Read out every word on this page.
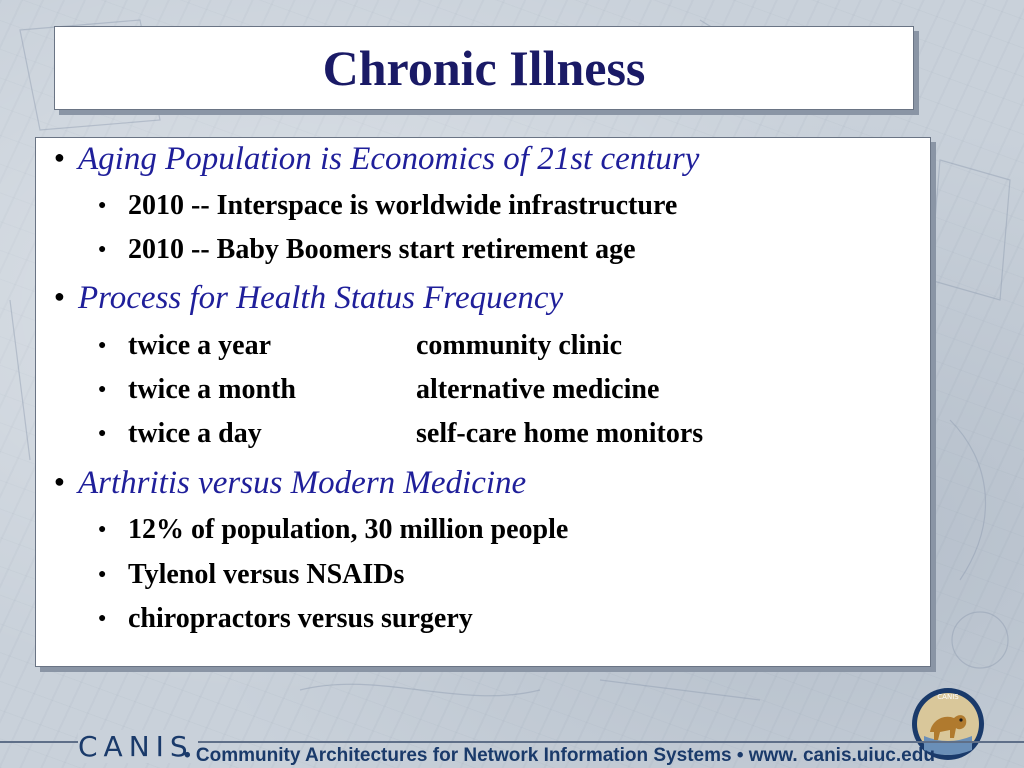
Chronic Illness
● Aging Population is Economics of 21st century
● 2010 -- Interspace is worldwide infrastructure
● 2010 -- Baby Boomers start retirement age
● Process for Health Status Frequency
● twice a year	community clinic
● twice a month	alternative medicine
● twice a day	self-care home monitors
● Arthritis versus Modern Medicine
● 12% of population, 30 million people
● Tylenol versus NSAIDs
● chiropractors versus surgery
CANIS
CANIS
• Community Architectures for Network Information Systems • www. canis.uiuc.edu
